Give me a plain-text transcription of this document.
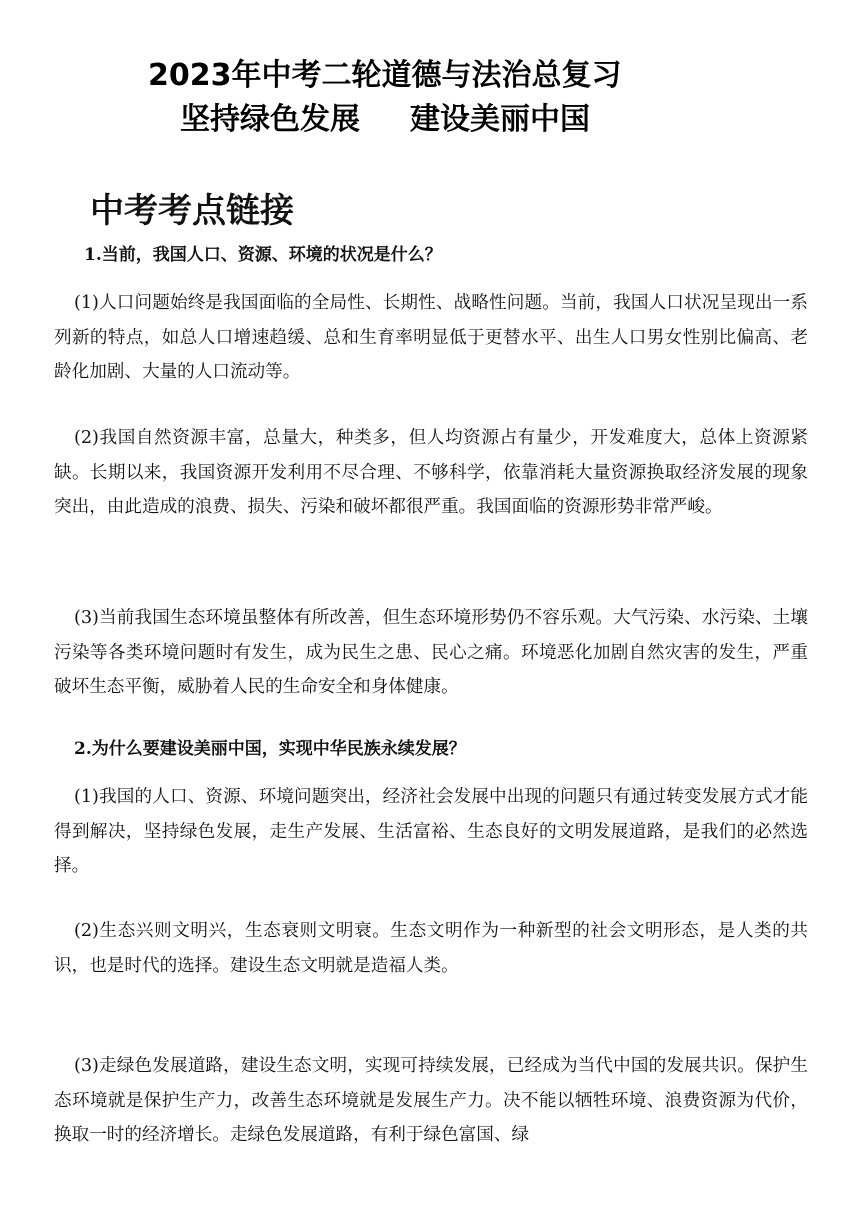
2023年中考二轮道德与法治总复习
坚持绿色发展 建设美丽中国
中考考点链接
1.当前，我国人口、资源、环境的状况是什么？

(1)人口问题始终是我国面临的全局性、长期性、战略性问题。当前，我国人口状况呈现出一系列新的特点，如总人口增速趋缓、总和生育率明显低于更替水平、出生人口男女性别比偏高、老龄化加剧、大量的人口流动等。

(2)我国自然资源丰富，总量大，种类多，但人均资源占有量少，开发难度大，总体上资源紧缺。长期以来，我国资源开发利用不尽合理、不够科学，依靠消耗大量资源换取经济发展的现象突出，由此造成的浪费、损失、污染和破坏都很严重。我国面临的资源形势非常严峻。

(3)当前我国生态环境虽整体有所改善，但生态环境形势仍不容乐观。大气污染、水污染、土壤污染等各类环境问题时有发生，成为民生之患、民心之痛。环境恶化加剧自然灾害的发生，严重破坏生态平衡，威胁着人民的生命安全和身体健康。

2.为什么要建设美丽中国，实现中华民族永续发展？

(1)我国的人口、资源、环境问题突出，经济社会发展中出现的问题只有通过转变发展方式才能得到解决，坚持绿色发展，走生产发展、生活富裕、生态良好的文明发展道路，是我们的必然选择。

(2)生态兴则文明兴，生态衰则文明衰。生态文明作为一种新型的社会文明形态，是人类的共识，也是时代的选择。建设生态文明就是造福人类。

(3)走绿色发展道路，建设生态文明，实现可持续发展，已经成为当代中国的发展共识。保护生态环境就是保护生产力，改善生态环境就是发展生产力。决不能以牺牲环境、浪费资源为代价，换取一时的经济增长。走绿色发展道路，有利于绿色富国、绿
